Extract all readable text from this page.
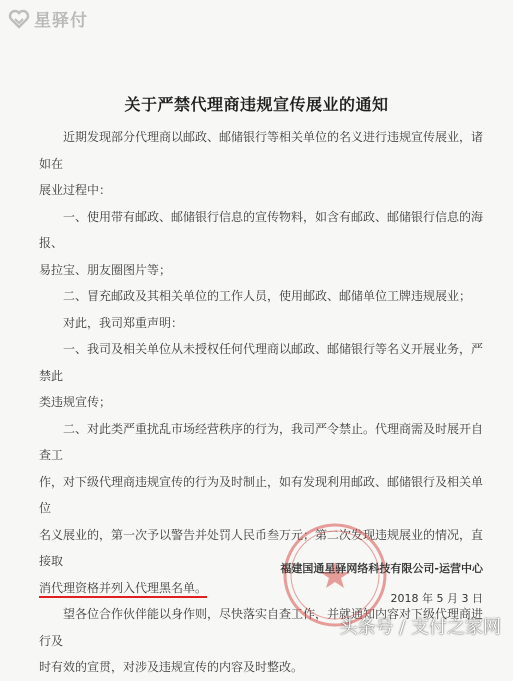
星驿付
关于严禁代理商违规宣传展业的通知

近期发现部分代理商以邮政、邮储银行等相关单位的名义进行违规宣传展业，诸如在

展业过程中：

一、使用带有邮政、邮储银行信息的宣传物料，如含有邮政、邮储银行信息的海报、

易拉宝、朋友圈图片等；

二、冒充邮政及其相关单位的工作人员，使用邮政、邮储单位工牌违规展业；

对此，我司郑重声明：

一、我司及相关单位从未授权任何代理商以邮政、邮储银行等名义开展业务，严禁此

类违规宣传；

二、对此类严重扰乱市场经营秩序的行为，我司严令禁止。代理商需及时展开自查工

作，对下级代理商违规宣传的行为及时制止，如有发现利用邮政、邮储银行及相关单位

名义展业的，第一次予以警告并处罚人民币叁万元；第二次发现违规展业的情况，直接取

消代理资格并列入代理黑名单。

望各位合作伙伴能以身作则，尽快落实自查工作，并就通知内容对下级代理商进行及

时有效的宣贯，对涉及违规宣传的内容及时整改。

福建国通星驿网络科技有限公司-运营中心
2018 年 5 月 3 日
头条号 / 支付之家网
